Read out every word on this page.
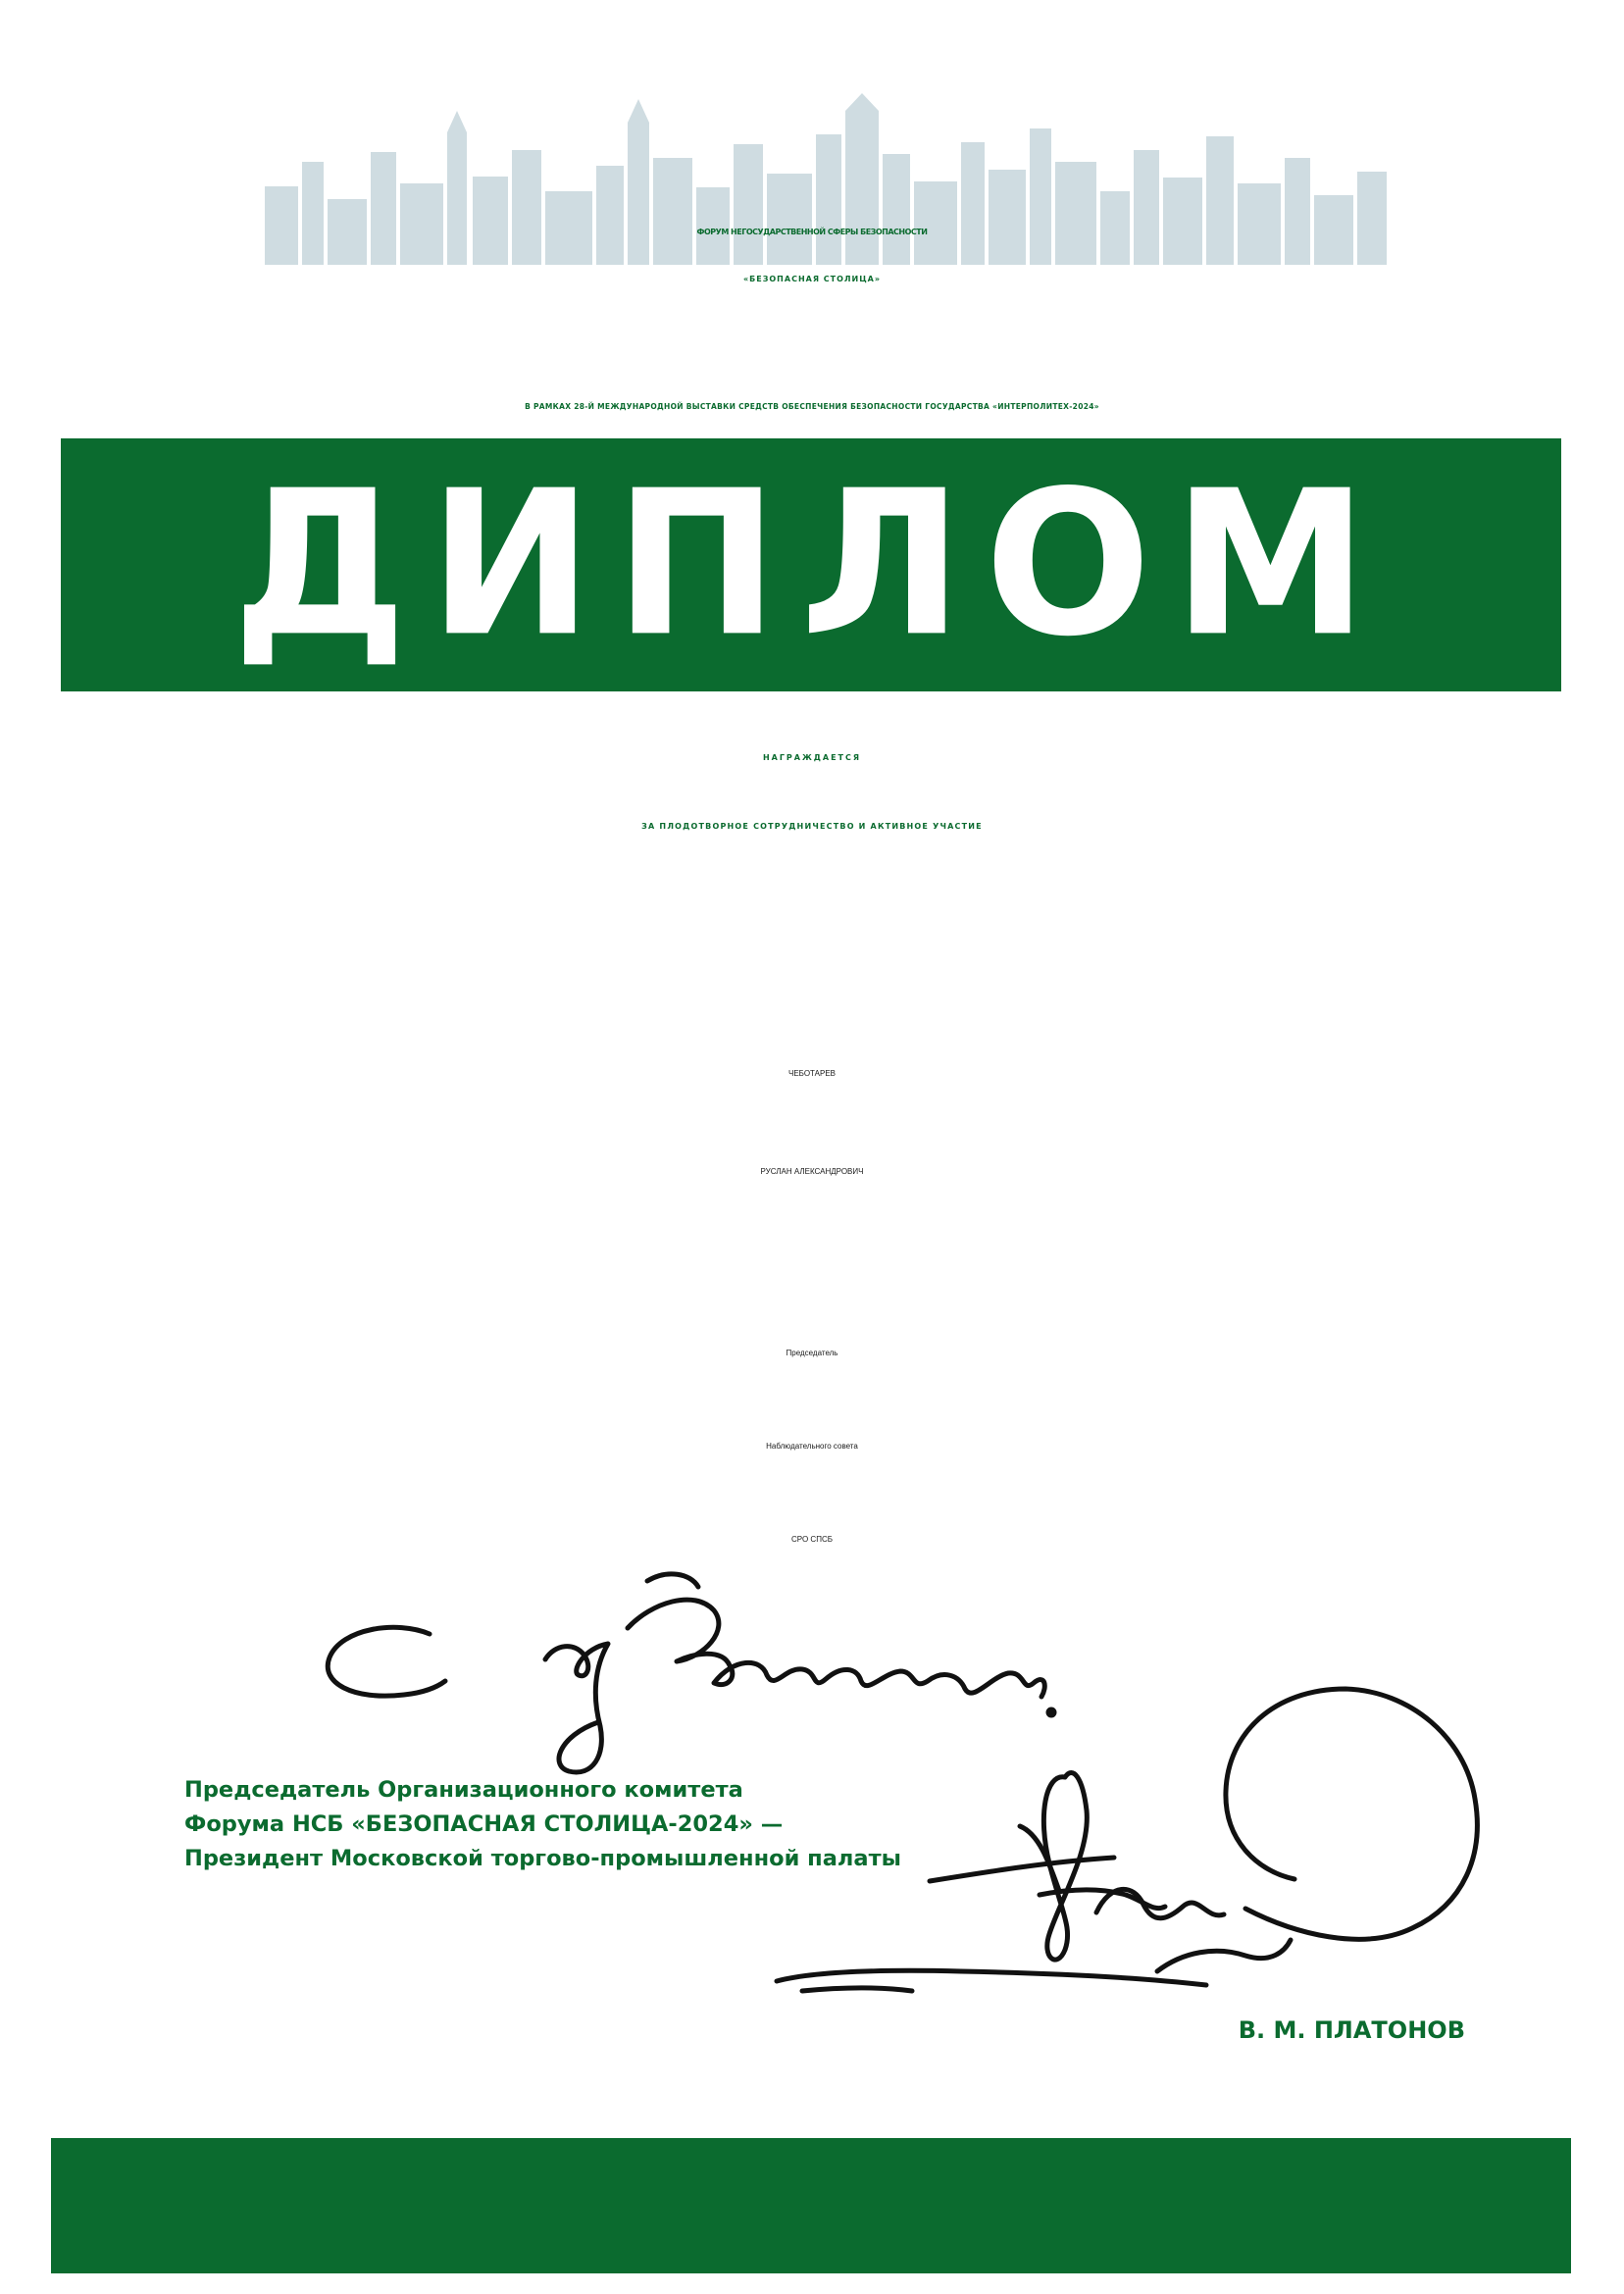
ФОРУМ НЕГОСУДАРСТВЕННОЙ СФЕРЫ БЕЗОПАСНОСТИ
«БЕЗОПАСНАЯ СТОЛИЦА»
В РАМКАХ 28-Й МЕЖДУНАРОДНОЙ ВЫСТАВКИ СРЕДСТВ ОБЕСПЕЧЕНИЯ БЕЗОПАСНОСТИ ГОСУДАРСТВА «ИНТЕРПОЛИТЕХ-2024»
ДИПЛОМ
НАГРАЖДАЕТСЯ
ЗА ПЛОДОТВОРНОЕ СОТРУДНИЧЕСТВО И АКТИВНОЕ УЧАСТИЕ
ЧЕБОТАРЕВ
РУСЛАН АЛЕКСАНДРОВИЧ
Председатель
Наблюдательного совета
СРО СПСБ
Председатель Организационного комитета
Форума НСБ «БЕЗОПАСНАЯ СТОЛИЦА-2024» —
Президент Московской торгово-промышленной палаты
В. М. ПЛАТОНОВ
